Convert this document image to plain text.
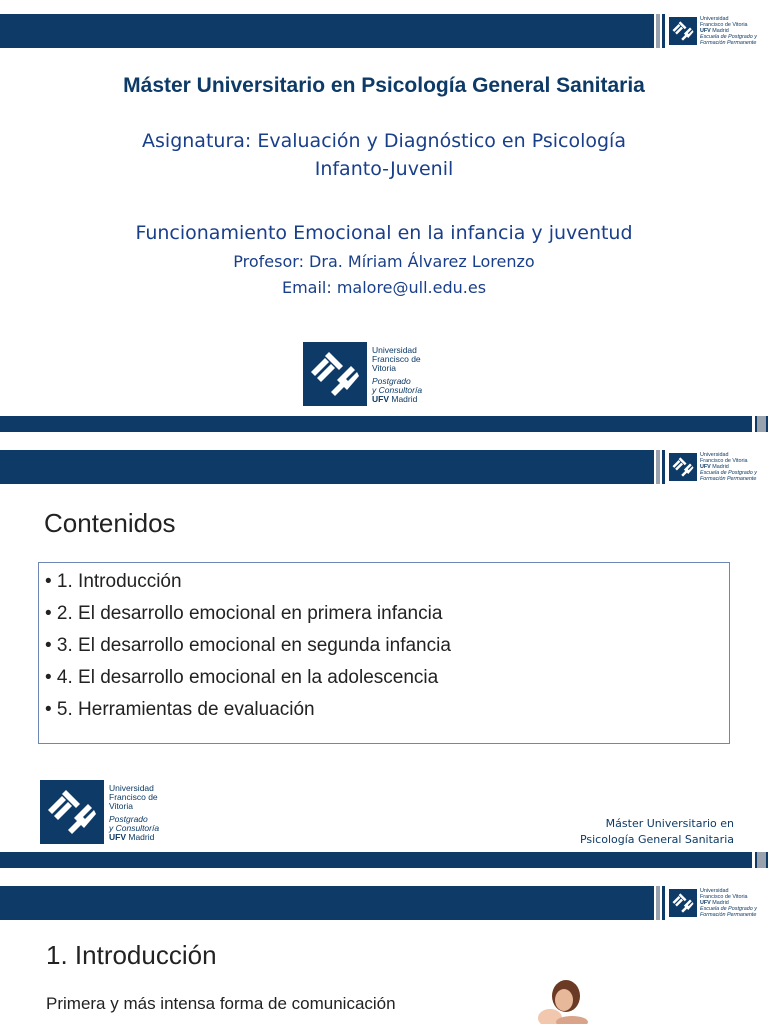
Universidad
Francisco de Vitoria
UFV Madrid
Escuela de Postgrado y
Formación Permanente
Máster Universitario en Psicología General Sanitaria
Asignatura: Evaluación y Diagnóstico en Psicología
Infanto-Juvenil
Funcionamiento Emocional en la infancia y juventud
Profesor: Dra. Míriam Álvarez Lorenzo
Email: malore@ull.edu.es
Universidad
Francisco de
Vitoria
Postgrado
y Consultoría
UFV Madrid
Universidad
Francisco de Vitoria
UFV Madrid
Escuela de Postgrado y
Formación Permanente
Contenidos
• 1. Introducción
• 2. El desarrollo emocional en primera infancia
• 3. El desarrollo emocional en segunda infancia
• 4. El desarrollo emocional en la adolescencia
• 5. Herramientas de evaluación
Universidad
Francisco de
Vitoria
Postgrado
y Consultoría
UFV Madrid
Máster Universitario en
Psicología General Sanitaria
Universidad
Francisco de Vitoria
UFV Madrid
Escuela de Postgrado y
Formación Permanente
1. Introducción
Primera y más intensa forma de comunicación
